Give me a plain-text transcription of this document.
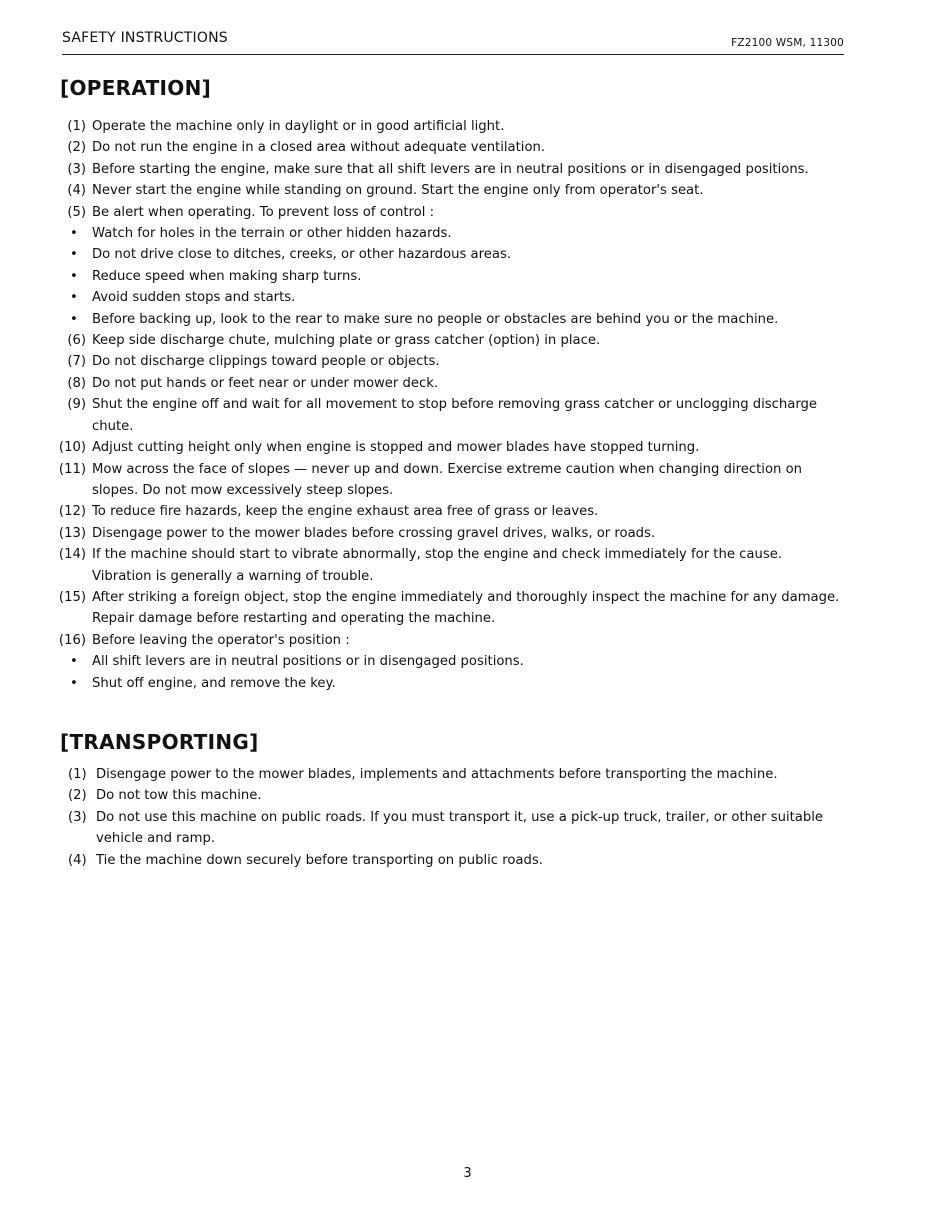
SAFETY INSTRUCTIONS	FZ2100 WSM, 11300
[OPERATION]
(1) Operate the machine only in daylight or in good artificial light.
(2) Do not run the engine in a closed area without adequate ventilation.
(3) Before starting the engine, make sure that all shift levers are in neutral positions or in disengaged positions.
(4) Never start the engine while standing on ground. Start the engine only from operator's seat.
(5) Be alert when operating. To prevent loss of control :
•	Watch for holes in the terrain or other hidden hazards.
•	Do not drive close to ditches, creeks, or other hazardous areas.
•	Reduce speed when making sharp turns.
•	Avoid sudden stops and starts.
•	Before backing up, look to the rear to make sure no people or obstacles are behind you or the machine.
(6) Keep side discharge chute, mulching plate or grass catcher (option) in place.
(7) Do not discharge clippings toward people or objects.
(8) Do not put hands or feet near or under mower deck.
(9) Shut the engine off and wait for all movement to stop before removing grass catcher or unclogging discharge chute.
(10) Adjust cutting height only when engine is stopped and mower blades have stopped turning.
(11) Mow across the face of slopes — never up and down. Exercise extreme caution when changing direction on slopes. Do not mow excessively steep slopes.
(12) To reduce fire hazards, keep the engine exhaust area free of grass or leaves.
(13) Disengage power to the mower blades before crossing gravel drives, walks, or roads.
(14) If the machine should start to vibrate abnormally, stop the engine and check immediately for the cause. Vibration is generally a warning of trouble.
(15) After striking a foreign object, stop the engine immediately and thoroughly inspect the machine for any damage. Repair damage before restarting and operating the machine.
(16) Before leaving the operator's position :
•	All shift levers are in neutral positions or in disengaged positions.
•	Shut off engine, and remove the key.
[TRANSPORTING]
(1) Disengage power to the mower blades, implements and attachments before transporting the machine.
(2) Do not tow this machine.
(3) Do not use this machine on public roads. If you must transport it, use a pick-up truck, trailer, or other suitable vehicle and ramp.
(4) Tie the machine down securely before transporting on public roads.
3
